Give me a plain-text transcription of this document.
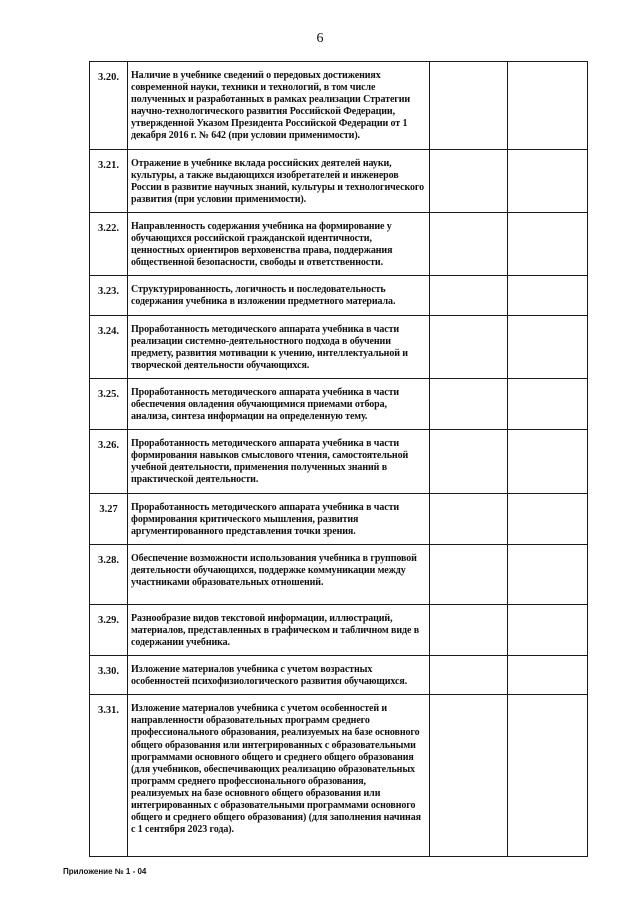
6
3.20.	Наличие в учебнике сведений о передовых достижениях современной науки, техники и технологий, в том числе полученных и разработанных в рамках реализации Стратегии научно-технологического развития Российской Федерации, утвержденной Указом Президента Российской Федерации от 1 декабря 2016 г. № 642 (при условии применимости).		
3.21.	Отражение в учебнике вклада российских деятелей науки, культуры, а также выдающихся изобретателей и инженеров России в развитие научных знаний, культуры и технологического развития (при условии применимости).		
3.22.	Направленность содержания учебника на формирование у обучающихся российской гражданской идентичности, ценностных ориентиров верховенства права, поддержания общественной безопасности, свободы и ответственности.		
3.23.	Структурированность, логичность и последовательность содержания учебника в изложении предметного материала.		
3.24.	Проработанность методического аппарата учебника в части реализации системно-деятельностного подхода в обучении предмету, развития мотивации к учению, интеллектуальной и творческой деятельности обучающихся.		
3.25.	Проработанность методического аппарата учебника в части обеспечения овладения обучающимися приемами отбора, анализа, синтеза информации на определенную тему.		
3.26.	Проработанность методического аппарата учебника в части формирования навыков смыслового чтения, самостоятельной учебной деятельности, применения полученных знаний в практической деятельности.		
3.27	Проработанность методического аппарата учебника в части формирования критического мышления, развития аргументированного представления точки зрения.		
3.28.	Обеспечение возможности использования учебника в групповой деятельности обучающихся, поддержке коммуникации между участниками образовательных отношений.		
3.29.	Разнообразие видов текстовой информации, иллюстраций, материалов, представленных в графическом и табличном виде в содержании учебника.		
3.30.	Изложение материалов учебника с учетом возрастных особенностей психофизиологического развития обучающихся.		
3.31.	Изложение материалов учебника с учетом особенностей и направленности образовательных программ среднего профессионального образования, реализуемых на базе основного общего образования или интегрированных с образовательными программами основного общего и среднего общего образования (для учебников, обеспечивающих реализацию образовательных программ среднего профессионального образования, реализуемых на базе основного общего образования или интегрированных с образовательными программами основного общего и среднего общего образования) (для заполнения начиная с 1 сентября 2023 года).		
Приложение № 1 - 04
